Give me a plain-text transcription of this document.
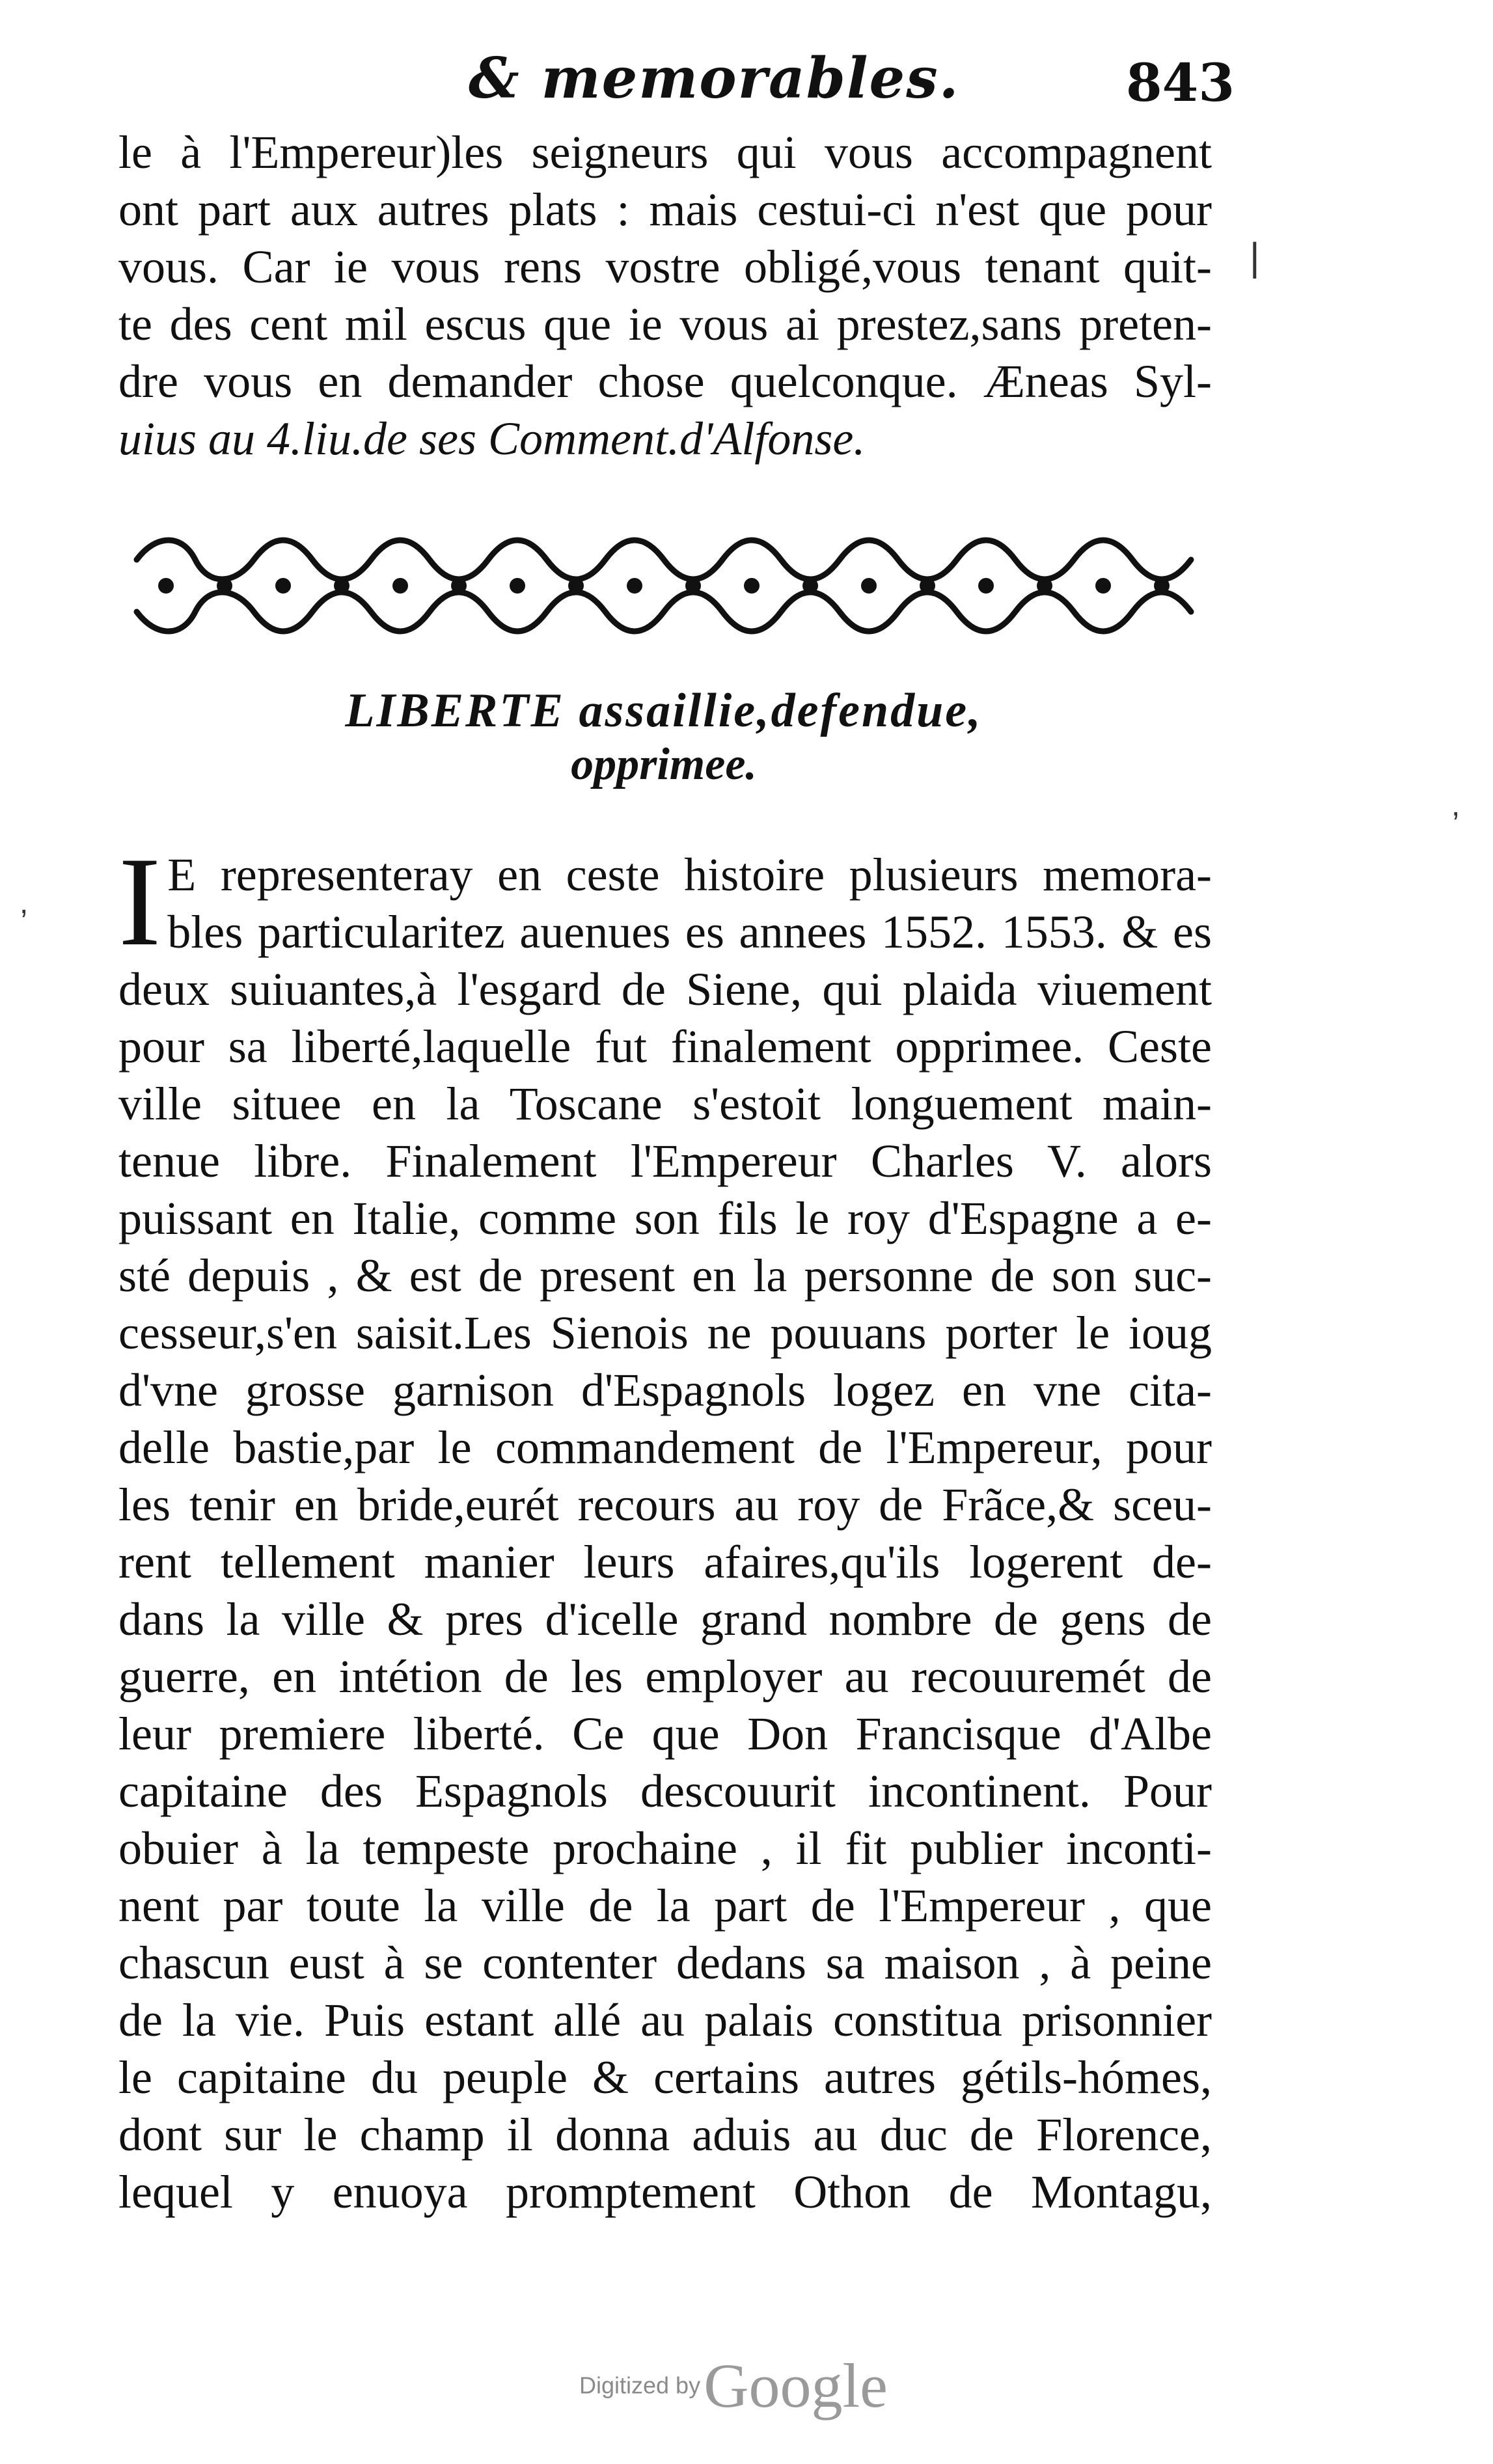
& memorables.	843
le à l'Empereur)les seigneurs qui vous accompagnent
ont part aux autres plats : mais cestui-ci n'est que pour
vous. Car ie vous rens vostre obligé,vous tenant quit-
te des cent mil escus que ie vous ai prestez,sans preten-
dre vous en demander chose quelconque. Æneas Syl-
uius au 4.liu.de ses Comment.d'Alfonse.
LIBERTE assaillie,defendue,
opprimee.
I E representeray en ceste histoire plusieurs memora-
bles particularitez auenues es annees 1552. 1553. & es
deux suiuantes,à l'esgard de Siene, qui plaida viuement
pour sa liberté,laquelle fut finalement opprimee. Ceste
ville situee en la Toscane s'estoit longuement main-
tenue libre. Finalement l'Empereur Charles V. alors
puissant en Italie, comme son fils le roy d'Espagne a e-
sté depuis , & est de present en la personne de son suc-
cesseur,s'en saisit.Les Sienois ne pouuans porter le ioug
d'vne grosse garnison d'Espagnols logez en vne cita-
delle bastie,par le commandement de l'Empereur, pour
les tenir en bride,eurét recours au roy de Frãce,& sceu-
rent tellement manier leurs afaires,qu'ils logerent de-
dans la ville & pres d'icelle grand nombre de gens de
guerre, en intétion de les employer au recouuremét de
leur premiere liberté. Ce que Don Francisque d'Albe
capitaine des Espagnols descouurit incontinent. Pour
obuier à la tempeste prochaine , il fit publier inconti-
nent par toute la ville de la part de l'Empereur , que
chascun eust à se contenter dedans sa maison , à peine
de la vie. Puis estant allé au palais constitua prisonnier
le capitaine du peuple & certains autres gétils-hómes,
dont sur le champ il donna aduis au duc de Florence,
lequel y enuoya promptement Othon de Montagu,
Digitized by Google
|
,
,
